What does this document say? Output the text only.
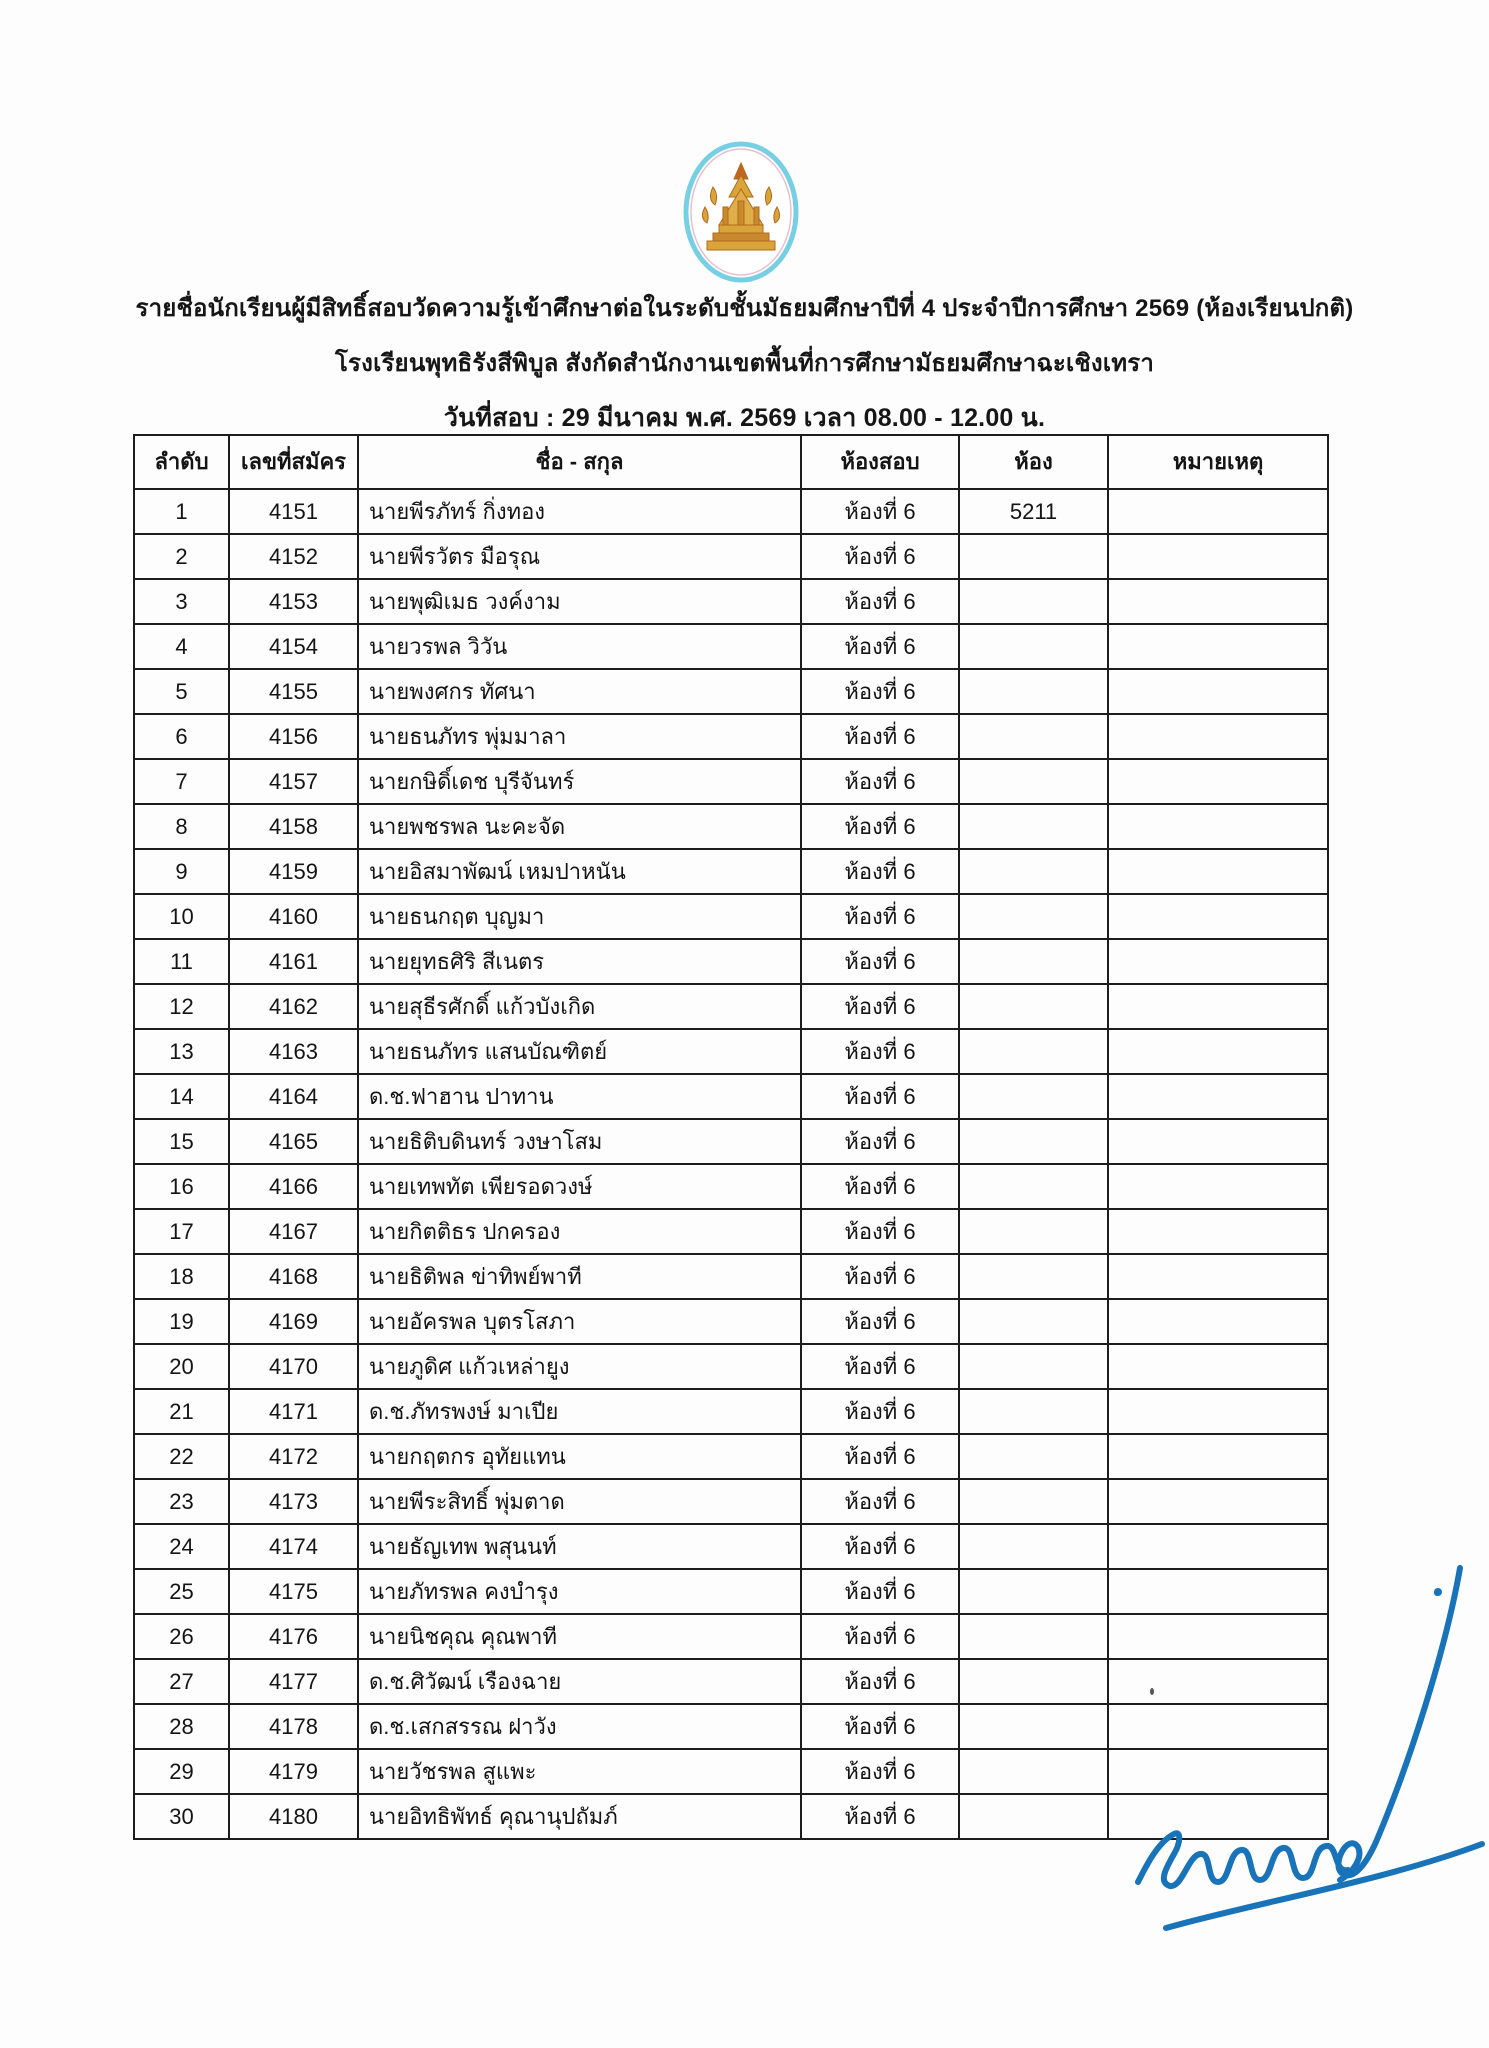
รายชื่อนักเรียนผู้มีสิทธิ์สอบวัดความรู้เข้าศึกษาต่อในระดับชั้นมัธยมศึกษาปีที่ 4 ประจำปีการศึกษา 2569 (ห้องเรียนปกติ)
โรงเรียนพุทธิรังสีพิบูล สังกัดสำนักงานเขตพื้นที่การศึกษามัธยมศึกษาฉะเชิงเทรา
วันที่สอบ : 29 มีนาคม พ.ศ. 2569 เวลา 08.00 - 12.00 น.
ลำดับ	เลขที่สมัคร	ชื่อ - สกุล	ห้องสอบ	ห้อง	หมายเหตุ
1	4151	นายพีรภัทร์ กิ่งทอง	ห้องที่ 6	5211	
2	4152	นายพีรวัตร มือรุณ	ห้องที่ 6		
3	4153	นายพุฒิเมธ วงค์งาม	ห้องที่ 6		
4	4154	นายวรพล วิวัน	ห้องที่ 6		
5	4155	นายพงศกร ทัศนา	ห้องที่ 6		
6	4156	นายธนภัทร พุ่มมาลา	ห้องที่ 6		
7	4157	นายกษิดิ์เดช บุรีจันทร์	ห้องที่ 6		
8	4158	นายพชรพล นะคะจัด	ห้องที่ 6		
9	4159	นายอิสมาพัฒน์ เหมปาหนัน	ห้องที่ 6		
10	4160	นายธนกฤต บุญมา	ห้องที่ 6		
11	4161	นายยุทธศิริ สีเนตร	ห้องที่ 6		
12	4162	นายสุธีรศักดิ์ แก้วบังเกิด	ห้องที่ 6		
13	4163	นายธนภัทร แสนบัณฑิตย์	ห้องที่ 6		
14	4164	ด.ช.ฟาฮาน ปาทาน	ห้องที่ 6		
15	4165	นายธิติบดินทร์ วงษาโสม	ห้องที่ 6		
16	4166	นายเทพทัต เพียรอดวงษ์	ห้องที่ 6		
17	4167	นายกิตติธร ปกครอง	ห้องที่ 6		
18	4168	นายธิติพล ข่าทิพย์พาที	ห้องที่ 6		
19	4169	นายอัครพล บุตรโสภา	ห้องที่ 6		
20	4170	นายภูดิศ แก้วเหล่ายูง	ห้องที่ 6		
21	4171	ด.ช.ภัทรพงษ์ มาเปีย	ห้องที่ 6		
22	4172	นายกฤตกร อุทัยแทน	ห้องที่ 6		
23	4173	นายพีระสิทธิ์ พุ่มตาด	ห้องที่ 6		
24	4174	นายธัญเทพ พสุนนท์	ห้องที่ 6		
25	4175	นายภัทรพล คงบำรุง	ห้องที่ 6		
26	4176	นายนิชคุณ คุณพาที	ห้องที่ 6		
27	4177	ด.ช.ศิวัฒน์ เรืองฉาย	ห้องที่ 6		
28	4178	ด.ช.เสกสรรณ ฝาวัง	ห้องที่ 6		
29	4179	นายวัชรพล สูแพะ	ห้องที่ 6		
30	4180	นายอิทธิพัทธ์ คุณานุปถัมภ์	ห้องที่ 6		
